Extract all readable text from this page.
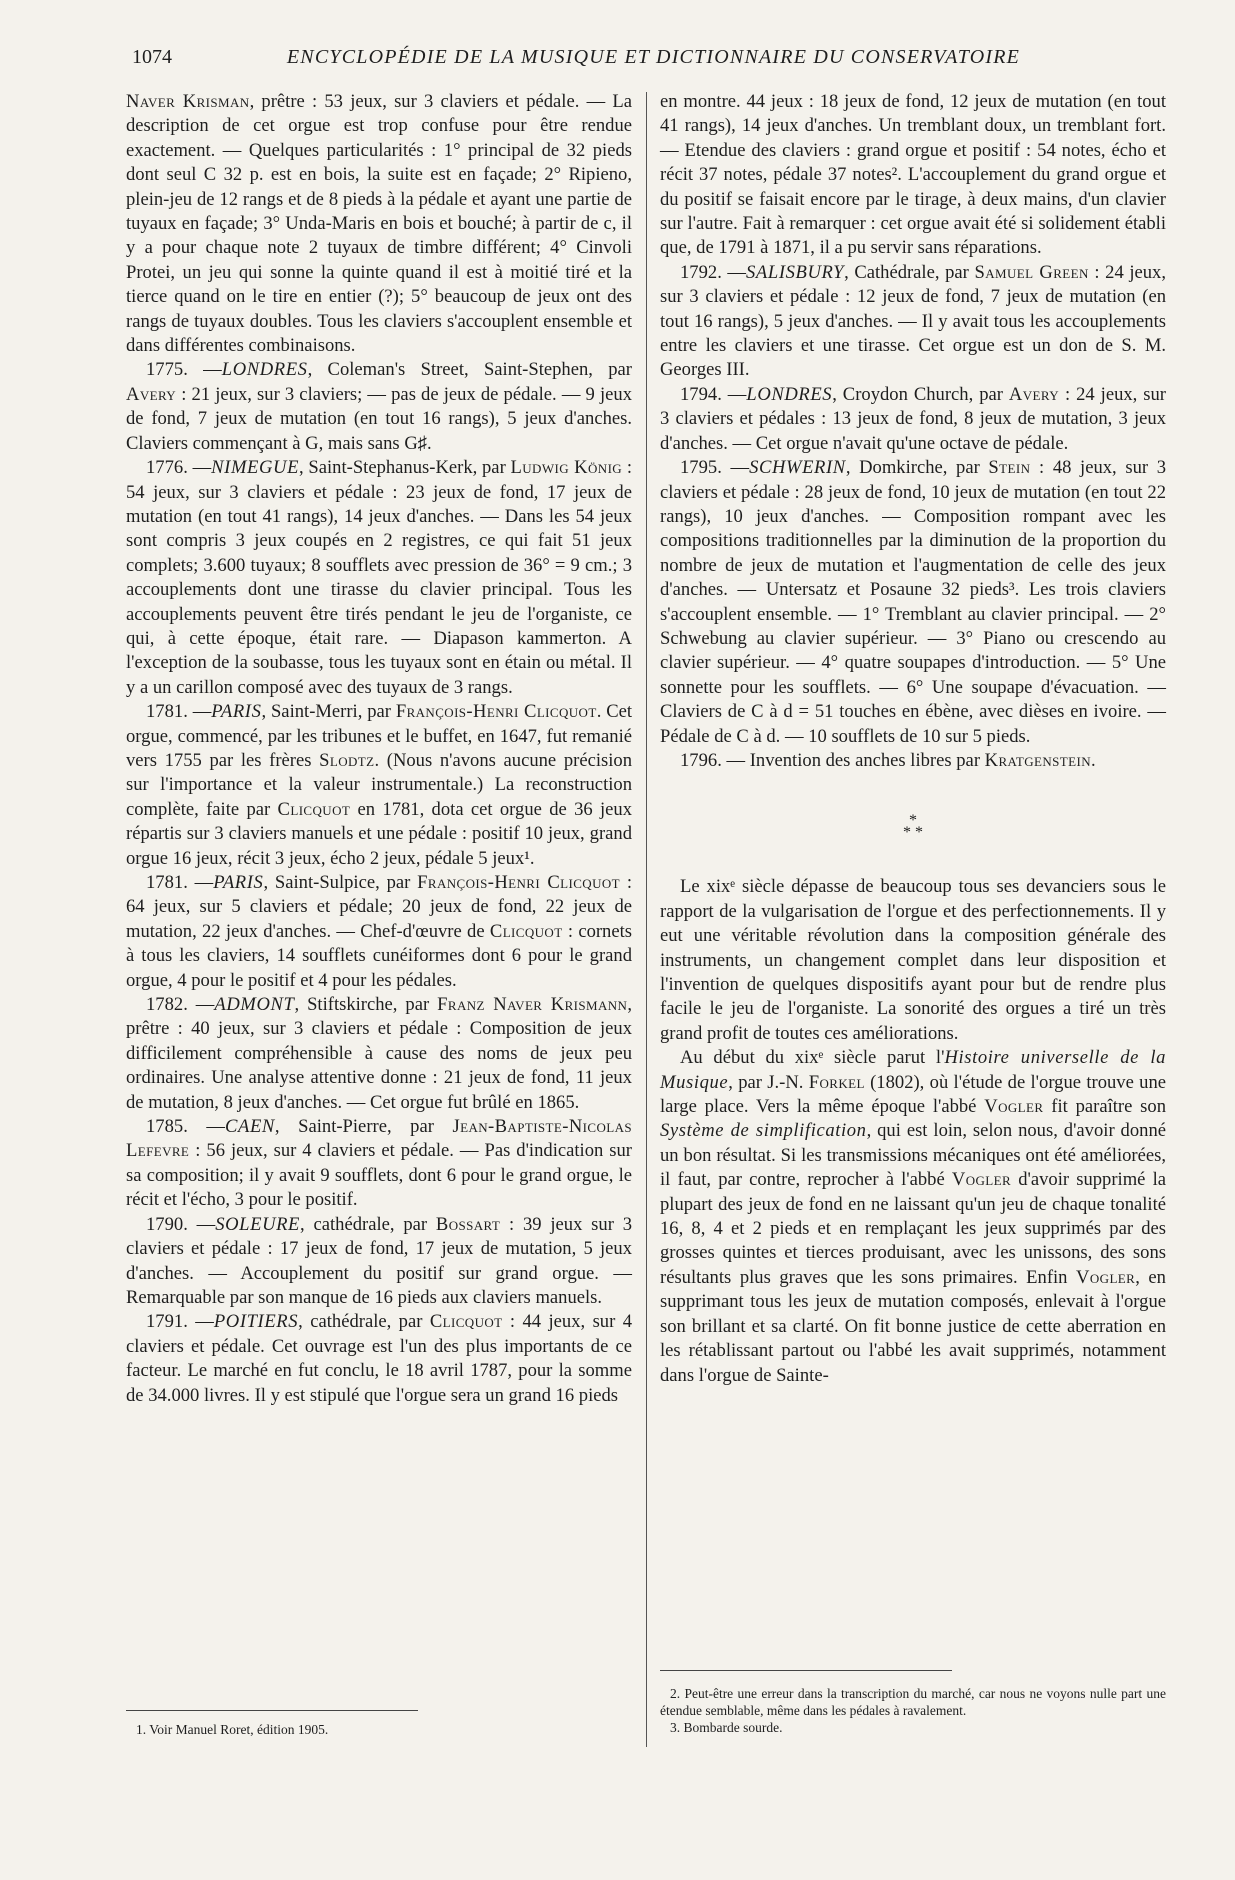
1074	ENCYCLOPÉDIE DE LA MUSIQUE ET DICTIONNAIRE DU CONSERVATOIRE

Naver Krisman, prêtre : 53 jeux, sur 3 claviers et pédale. — La description de cet orgue est trop confuse pour être rendue exactement. — Quelques particularités : 1° principal de 32 pieds dont seul C 32 p. est en bois, la suite est en façade; 2° Ripieno, plein-jeu de 12 rangs et de 8 pieds à la pédale et ayant une partie de tuyaux en façade; 3° Unda-Maris en bois et bouché; à partir de c, il y a pour chaque note 2 tuyaux de timbre différent; 4° Cinvoli Protei, un jeu qui sonne la quinte quand il est à moitié tiré et la tierce quand on le tire en entier (?); 5° beaucoup de jeux ont des rangs de tuyaux doubles. Tous les claviers s'accouplent ensemble et dans différentes combinaisons.

1775. —LONDRES, Coleman's Street, Saint-Stephen, par Avery : 21 jeux, sur 3 claviers; — pas de jeux de pédale. — 9 jeux de fond, 7 jeux de mutation (en tout 16 rangs), 5 jeux d'anches. Claviers commençant à G, mais sans G♯.

1776. —NIMEGUE, Saint-Stephanus-Kerk, par Ludwig König : 54 jeux, sur 3 claviers et pédale : 23 jeux de fond, 17 jeux de mutation (en tout 41 rangs), 14 jeux d'anches. — Dans les 54 jeux sont compris 3 jeux coupés en 2 registres, ce qui fait 51 jeux complets; 3.600 tuyaux; 8 soufflets avec pression de 36° = 9 cm.; 3 accouplements dont une tirasse du clavier principal. Tous les accouplements peuvent être tirés pendant le jeu de l'organiste, ce qui, à cette époque, était rare. — Diapason kammerton. A l'exception de la soubasse, tous les tuyaux sont en étain ou métal. Il y a un carillon composé avec des tuyaux de 3 rangs.

1781. —PARIS, Saint-Merri, par François-Henri Clicquot. Cet orgue, commencé, par les tribunes et le buffet, en 1647, fut remanié vers 1755 par les frères Slodtz. (Nous n'avons aucune précision sur l'importance et la valeur instrumentale.) La reconstruction complète, faite par Clicquot en 1781, dota cet orgue de 36 jeux répartis sur 3 claviers manuels et une pédale : positif 10 jeux, grand orgue 16 jeux, récit 3 jeux, écho 2 jeux, pédale 5 jeux¹.

1781. —PARIS, Saint-Sulpice, par François-Henri Clicquot : 64 jeux, sur 5 claviers et pédale; 20 jeux de fond, 22 jeux de mutation, 22 jeux d'anches. — Chef-d'œuvre de Clicquot : cornets à tous les claviers, 14 soufflets cunéiformes dont 6 pour le grand orgue, 4 pour le positif et 4 pour les pédales.

1782. —ADMONT, Stiftskirche, par Franz Naver Krismann, prêtre : 40 jeux, sur 3 claviers et pédale : Composition de jeux difficilement compréhensible à cause des noms de jeux peu ordinaires. Une analyse attentive donne : 21 jeux de fond, 11 jeux de mutation, 8 jeux d'anches. — Cet orgue fut brûlé en 1865.

1785. —CAEN, Saint-Pierre, par Jean-Baptiste-Nicolas Lefevre : 56 jeux, sur 4 claviers et pédale. — Pas d'indication sur sa composition; il y avait 9 soufflets, dont 6 pour le grand orgue, le récit et l'écho, 3 pour le positif.

1790. —SOLEURE, cathédrale, par Bossart : 39 jeux sur 3 claviers et pédale : 17 jeux de fond, 17 jeux de mutation, 5 jeux d'anches. — Accouplement du positif sur grand orgue. — Remarquable par son manque de 16 pieds aux claviers manuels.

1791. —POITIERS, cathédrale, par Clicquot : 44 jeux, sur 4 claviers et pédale. Cet ouvrage est l'un des plus importants de ce facteur. Le marché en fut conclu, le 18 avril 1787, pour la somme de 34.000 livres. Il y est stipulé que l'orgue sera un grand 16 pieds

1. Voir Manuel Roret, édition 1905.

en montre. 44 jeux : 18 jeux de fond, 12 jeux de mutation (en tout 41 rangs), 14 jeux d'anches. Un tremblant doux, un tremblant fort. — Etendue des claviers : grand orgue et positif : 54 notes, écho et récit 37 notes, pédale 37 notes². L'accouplement du grand orgue et du positif se faisait encore par le tirage, à deux mains, d'un clavier sur l'autre. Fait à remarquer : cet orgue avait été si solidement établi que, de 1791 à 1871, il a pu servir sans réparations.

1792. —SALISBURY, Cathédrale, par Samuel Green : 24 jeux, sur 3 claviers et pédale : 12 jeux de fond, 7 jeux de mutation (en tout 16 rangs), 5 jeux d'anches. — Il y avait tous les accouplements entre les claviers et une tirasse. Cet orgue est un don de S. M. Georges III.

1794. —LONDRES, Croydon Church, par Avery : 24 jeux, sur 3 claviers et pédales : 13 jeux de fond, 8 jeux de mutation, 3 jeux d'anches. — Cet orgue n'avait qu'une octave de pédale.

1795. —SCHWERIN, Domkirche, par Stein : 48 jeux, sur 3 claviers et pédale : 28 jeux de fond, 10 jeux de mutation (en tout 22 rangs), 10 jeux d'anches. — Composition rompant avec les compositions traditionnelles par la diminution de la proportion du nombre de jeux de mutation et l'augmentation de celle des jeux d'anches. — Untersatz et Posaune 32 pieds³. Les trois claviers s'accouplent ensemble. — 1° Tremblant au clavier principal. — 2° Schwebung au clavier supérieur. — 3° Piano ou crescendo au clavier supérieur. — 4° quatre soupapes d'introduction. — 5° Une sonnette pour les soufflets. — 6° Une soupape d'évacuation. — Claviers de C à d = 51 touches en ébène, avec dièses en ivoire. — Pédale de C à d. — 10 soufflets de 10 sur 5 pieds.

1796. — Invention des anches libres par Kratgenstein.

*
* *

Le xixᵉ siècle dépasse de beaucoup tous ses devanciers sous le rapport de la vulgarisation de l'orgue et des perfectionnements. Il y eut une véritable révolution dans la composition générale des instruments, un changement complet dans leur disposition et l'invention de quelques dispositifs ayant pour but de rendre plus facile le jeu de l'organiste. La sonorité des orgues a tiré un très grand profit de toutes ces améliorations.

Au début du xixᵉ siècle parut l'Histoire universelle de la Musique, par J.-N. Forkel (1802), où l'étude de l'orgue trouve une large place. Vers la même époque l'abbé Vogler fit paraître son Système de simplification, qui est loin, selon nous, d'avoir donné un bon résultat. Si les transmissions mécaniques ont été améliorées, il faut, par contre, reprocher à l'abbé Vogler d'avoir supprimé la plupart des jeux de fond en ne laissant qu'un jeu de chaque tonalité 16, 8, 4 et 2 pieds et en remplaçant les jeux supprimés par des grosses quintes et tierces produisant, avec les unissons, des sons résultants plus graves que les sons primaires. Enfin Vogler, en supprimant tous les jeux de mutation composés, enlevait à l'orgue son brillant et sa clarté. On fit bonne justice de cette aberration en les rétablissant partout ou l'abbé les avait supprimés, notamment dans l'orgue de Sainte-

2. Peut-être une erreur dans la transcription du marché, car nous ne voyons nulle part une étendue semblable, même dans les pédales à ravalement.

3. Bombarde sourde.
